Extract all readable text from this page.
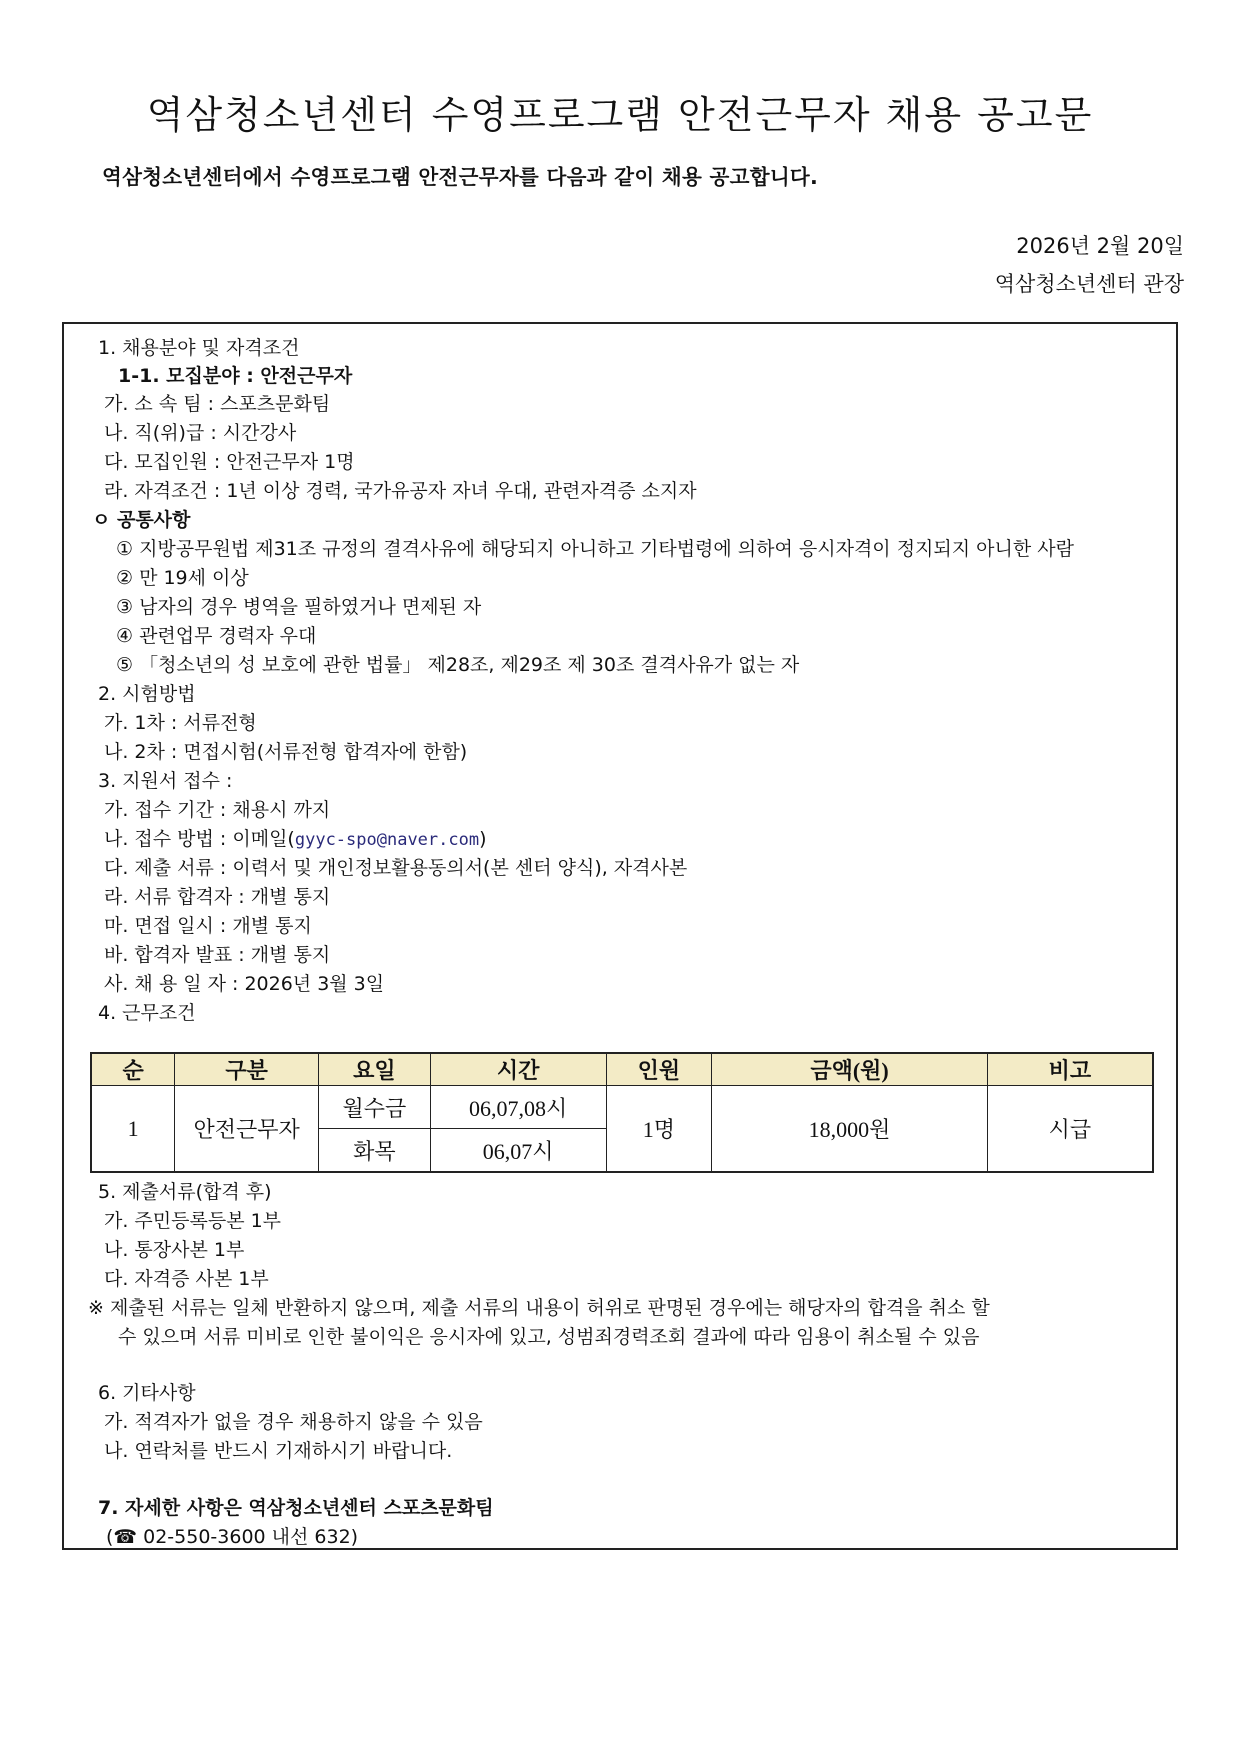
역삼청소년센터 수영프로그램 안전근무자 채용 공고문
역삼청소년센터에서 수영프로그램 안전근무자를 다음과 같이 채용 공고합니다.
2026년 2월 20일
역삼청소년센터 관장
1. 채용분야 및 자격조건
1-1. 모집분야 : 안전근무자
가. 소 속 팀 : 스포츠문화팀
나. 직(위)급 : 시간강사
다. 모집인원 : 안전근무자 1명
라. 자격조건 : 1년 이상 경력, 국가유공자 자녀 우대, 관련자격증 소지자
ㅇ 공통사항
① 지방공무원법 제31조 규정의 결격사유에 해당되지 아니하고 기타법령에 의하여 응시자격이 정지되지 아니한 사람
② 만 19세 이상
③ 남자의 경우 병역을 필하였거나 면제된 자
④ 관련업무 경력자 우대
⑤ 「청소년의 성 보호에 관한 법률」 제28조, 제29조 제 30조 결격사유가 없는 자
2. 시험방법
가. 1차 : 서류전형
나. 2차 : 면접시험(서류전형 합격자에 한함)
3. 지원서 접수 :
가. 접수 기간 : 채용시 까지
나. 접수 방법 : 이메일(gyyc-spo@naver.com)
다. 제출 서류 : 이력서 및 개인정보활용동의서(본 센터 양식), 자격사본
라. 서류 합격자 : 개별 통지
마. 면접 일시 : 개별 통지
바. 합격자 발표 : 개별 통지
사. 채 용 일 자 : 2026년 3월 3일
4. 근무조건
순	구분	요일	시간	인원	금액(원)	비고
1	안전근무자	월수금	06,07,08시	1명	18,000원	시급
		화목	06,07시			
5. 제출서류(합격 후)
가. 주민등록등본 1부
나. 통장사본 1부
다. 자격증 사본 1부
※ 제출된 서류는 일체 반환하지 않으며, 제출 서류의 내용이 허위로 판명된 경우에는 해당자의 합격을 취소 할
수 있으며 서류 미비로 인한 불이익은 응시자에 있고, 성범죄경력조회 결과에 따라 임용이 취소될 수 있음
6. 기타사항
가. 적격자가 없을 경우 채용하지 않을 수 있음
나. 연락처를 반드시 기재하시기 바랍니다.
7. 자세한 사항은 역삼청소년센터 스포츠문화팀
(☎ 02-550-3600 내선 632)
